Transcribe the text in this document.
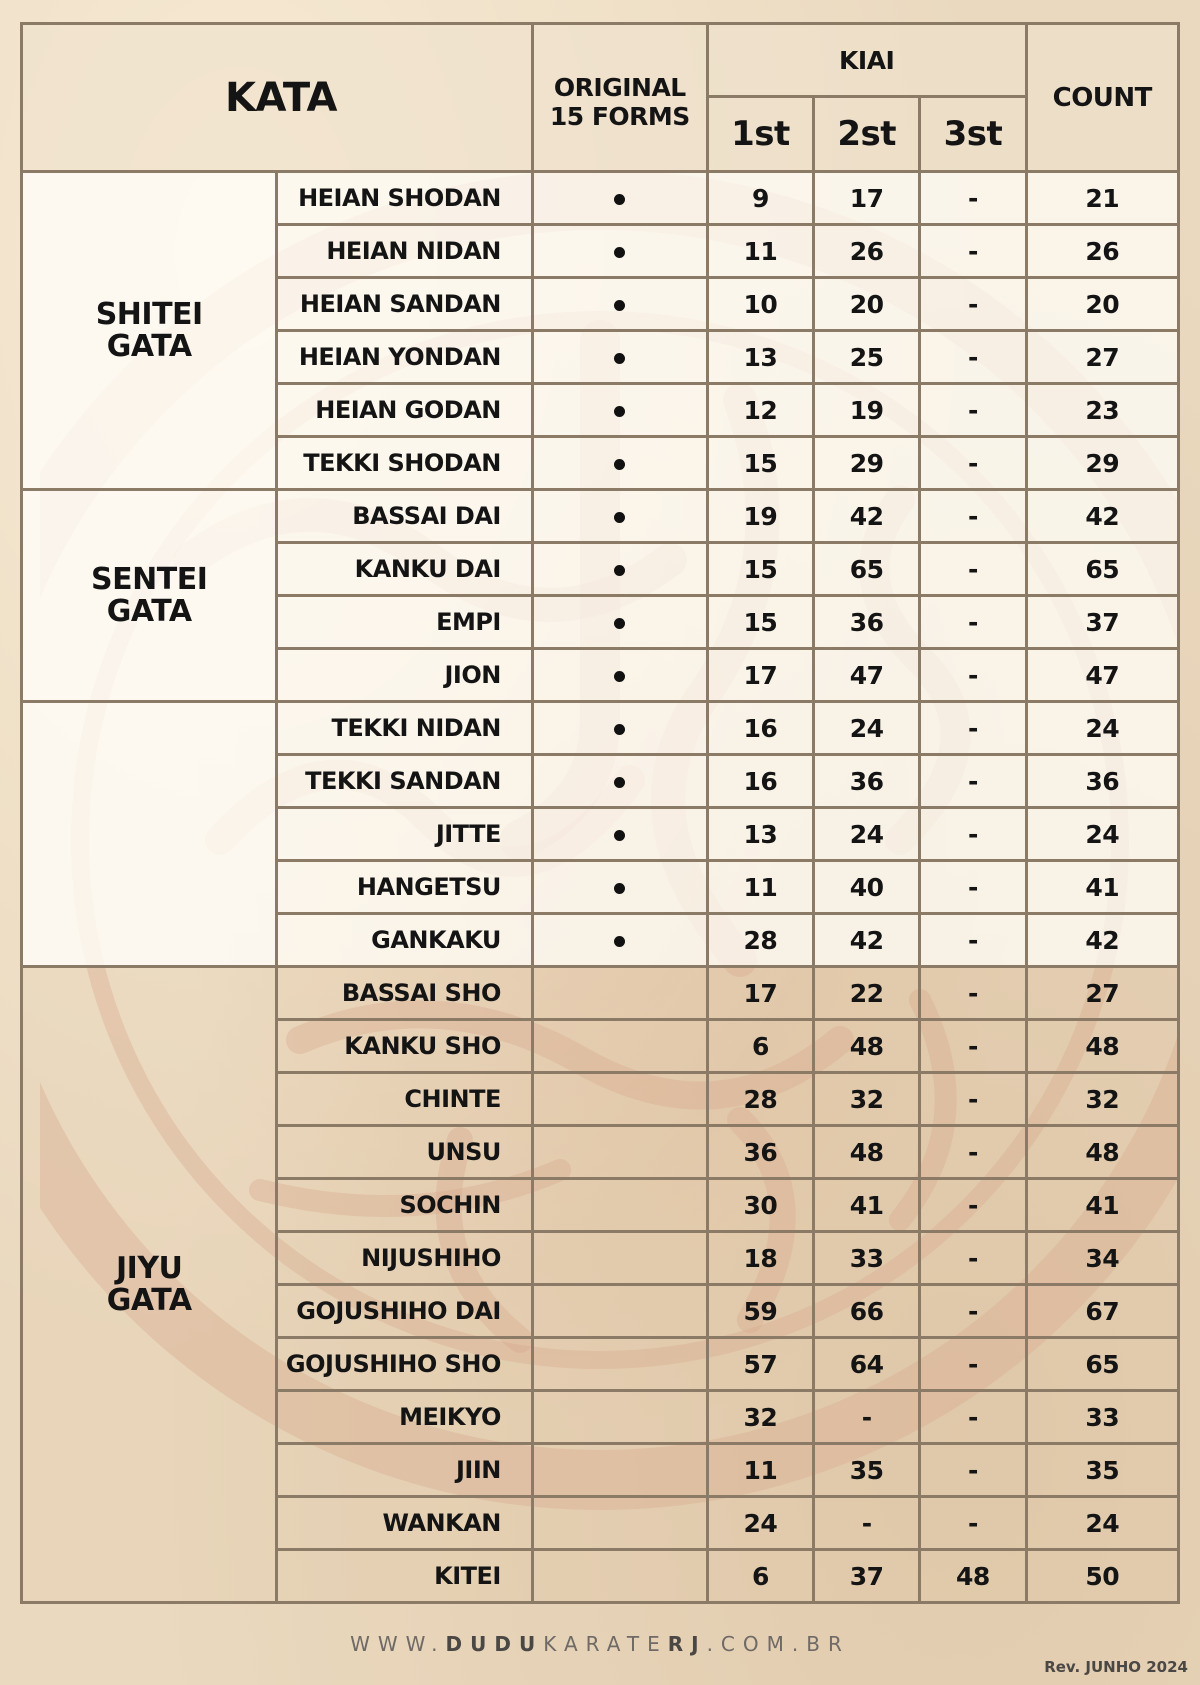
KATA		ORIGINAL
15 FORMS	KIAI			COUNT
			1st	2st	3st	
SHITEI
GATA	HEIAN SHODAN		9	17	-	21
	HEIAN NIDAN		11	26	-	26
	HEIAN SANDAN		10	20	-	20
	HEIAN YONDAN		13	25	-	27
	HEIAN GODAN		12	19	-	23
	TEKKI SHODAN		15	29	-	29
SENTEI
GATA	BASSAI DAI		19	42	-	42
	KANKU DAI		15	65	-	65
	EMPI		15	36	-	37
	JION		17	47	-	47

	TEKKI NIDAN		16	24	-	24
	TEKKI SANDAN		16	36	-	36
	JITTE		13	24	-	24
	HANGETSU		11	40	-	41
	GANKAKU		28	42	-	42
JIYU
GATA	BASSAI SHO		17	22	-	27
	KANKU SHO		6	48	-	48
	CHINTE		28	32	-	32
	UNSU		36	48	-	48
	SOCHIN		30	41	-	41
	NIJUSHIHO		18	33	-	34
	GOJUSHIHO DAI		59	66	-	67
	GOJUSHIHO SHO		57	64	-	65
	MEIKYO		32	-	-	33
	JIIN		11	35	-	35
	WANKAN		24	-	-	24
	KITEI		6	37	48	50
WWW.DUDUKARATERJ.COM.BR
Rev. JUNHO 2024
